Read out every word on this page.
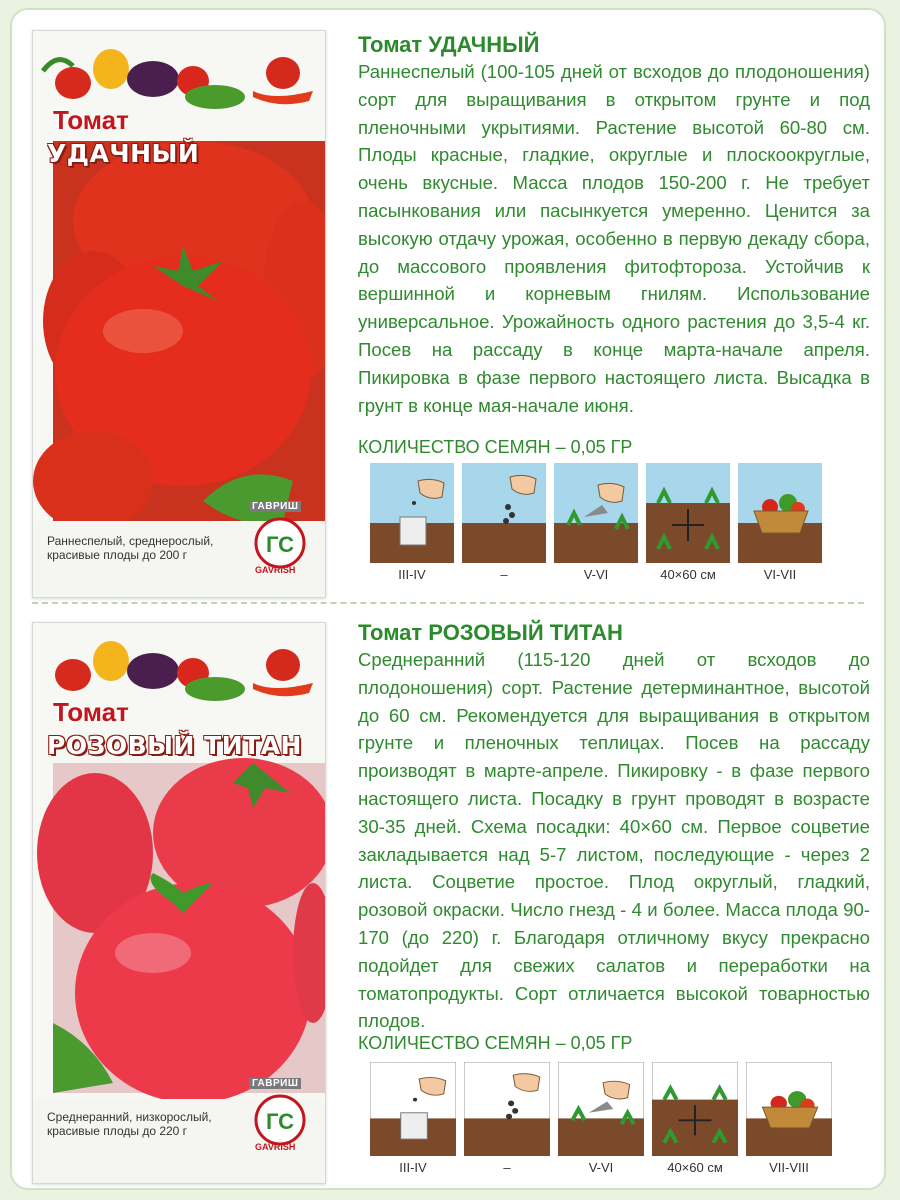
Томат
УДАЧНЫЙ
Раннеспелый, среднерослый, красивые плоды до 200 г	ГС
ГАВРИШ
GAVRISH
Томат УДАЧНЫЙ
Раннеспелый (100-105 дней от всходов до плодоношения) сорт для выращивания в открытом грунте и под пленочными укрытиями. Растение высотой 60-80 см. Плоды красные, гладкие, округлые и плоскоокруглые, очень вкусные. Масса плодов 150-200 г. Не требует пасынкования или пасынкуется умеренно. Ценится за высокую отдачу урожая, особенно в первую декаду сбора, до массового проявления фитофтороза. Устойчив к вершинной и корневым гнилям. Использование универсальное. Урожайность одного растения до 3,5-4 кг. Посев на рассаду в конце марта-начале апреля. Пикировка в фазе первого настоящего листа. Высадка в грунт в конце мая-начале июня.
КОЛИЧЕСТВО СЕМЯН – 0,05 ГР
III-IV	–	V-VI	40×60 см	VI-VII
Томат
РОЗОВЫЙ ТИТАН
Среднеранний, низкорослый, красивые плоды до 220 г	ГС
ГАВРИШ
GAVRISH
Томат РОЗОВЫЙ ТИТАН
Среднеранний (115-120 дней от всходов до плодоношения) сорт. Растение детерминантное, высотой до 60 см. Рекомендуется для выращивания в открытом грунте и пленочных теплицах. Посев на рассаду производят в марте-апреле. Пикировку - в фазе первого настоящего листа. Посадку в грунт проводят в возрасте 30-35 дней. Схема посадки: 40×60 см. Первое соцветие закладывается над 5-7 листом, последующие - через 2 листа. Соцветие простое. Плод округлый, гладкий, розовой окраски. Число гнезд - 4 и более. Масса плода 90-170 (до 220) г. Благодаря отличному вкусу прекрасно подойдет для свежих салатов и переработки на томатопродукты. Сорт отличается высокой товарностью плодов.
КОЛИЧЕСТВО СЕМЯН – 0,05 ГР
III-IV	–	V-VI	40×60 см	VII-VIII
